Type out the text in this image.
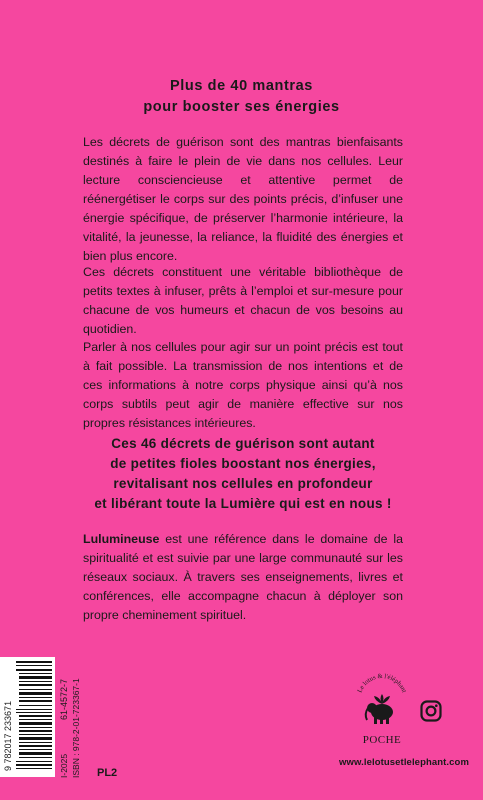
Plus de 40 mantras
pour booster ses énergies

Les décrets de guérison sont des mantras bienfaisants destinés à faire le plein de vie dans nos cellules. Leur lecture consciencieuse et attentive permet de réénergétiser le corps sur des points précis, d’infuser une énergie spécifique, de préserver l’harmonie intérieure, la vitalité, la jeunesse, la reliance, la fluidité des énergies et bien plus encore.

Ces décrets constituent une véritable bibliothèque de petits textes à infuser, prêts à l’emploi et sur-mesure pour chacune de vos humeurs et chacun de vos besoins au quotidien.

Parler à nos cellules pour agir sur un point précis est tout à fait possible. La transmission de nos intentions et de ces informations à notre corps physique ainsi qu’à nos corps subtils peut agir de manière effective sur nos propres résistances intérieures.

Ces 46 décrets de guérison sont autant
de petites fioles boostant nos énergies,
revitalisant nos cellules en profondeur
et libérant toute la Lumière qui est en nous !

Lulumineuse est une référence dans le domaine de la spiritualité et est suivie par une large communauté sur les réseaux sociaux. À travers ses enseignements, livres et conférences, elle accompagne chacun à déployer son propre cheminement spirituel.

9 782017 233671
61-4572-7
I-2025 ISBN : 978-2-01-723367-1 PL2
Le lotus & l'éléphant
POCHE
www.lelotusetlelephant.com
